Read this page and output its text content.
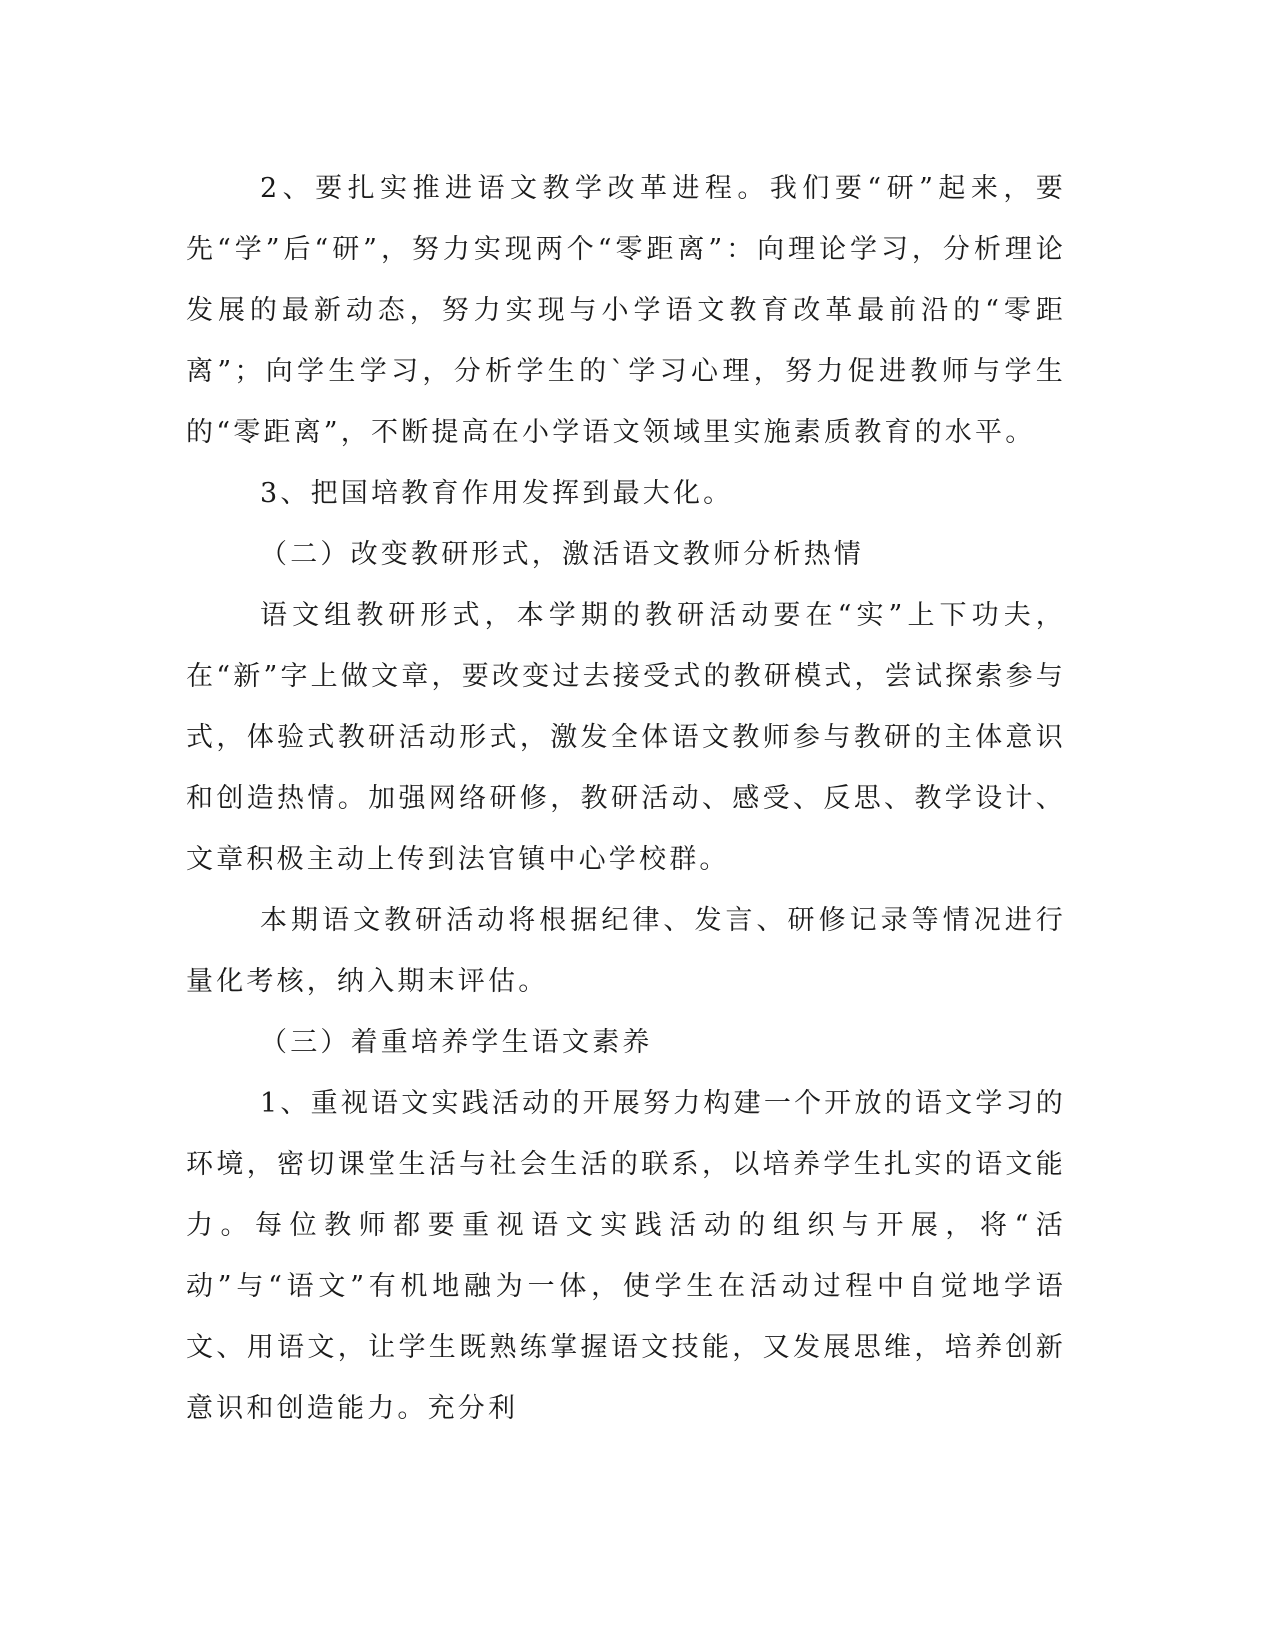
2、要扎实推进语文教学改革进程。我们要“研”起来，要先“学”后“研”，努力实现两个“零距离”：向理论学习，分析理论发展的最新动态，努力实现与小学语文教育改革最前沿的“零距离”；向学生学习，分析学生的`学习心理，努力促进教师与学生的“零距离”，不断提高在小学语文领域里实施素质教育的水平。

3、把国培教育作用发挥到最大化。

（二）改变教研形式，激活语文教师分析热情

语文组教研形式，本学期的教研活动要在“实”上下功夫，在“新”字上做文章，要改变过去接受式的教研模式，尝试探索参与式，体验式教研活动形式，激发全体语文教师参与教研的主体意识和创造热情。加强网络研修，教研活动、感受、反思、教学设计、文章积极主动上传到法官镇中心学校群。

本期语文教研活动将根据纪律、发言、研修记录等情况进行量化考核，纳入期末评估。

（三）着重培养学生语文素养

1、重视语文实践活动的开展努力构建一个开放的语文学习的环境，密切课堂生活与社会生活的联系，以培养学生扎实的语文能力。每位教师都要重视语文实践活动的组织与开展，将“活动”与“语文”有机地融为一体，使学生在活动过程中自觉地学语文、用语文，让学生既熟练掌握语文技能，又发展思维，培养创新意识和创造能力。充分利
